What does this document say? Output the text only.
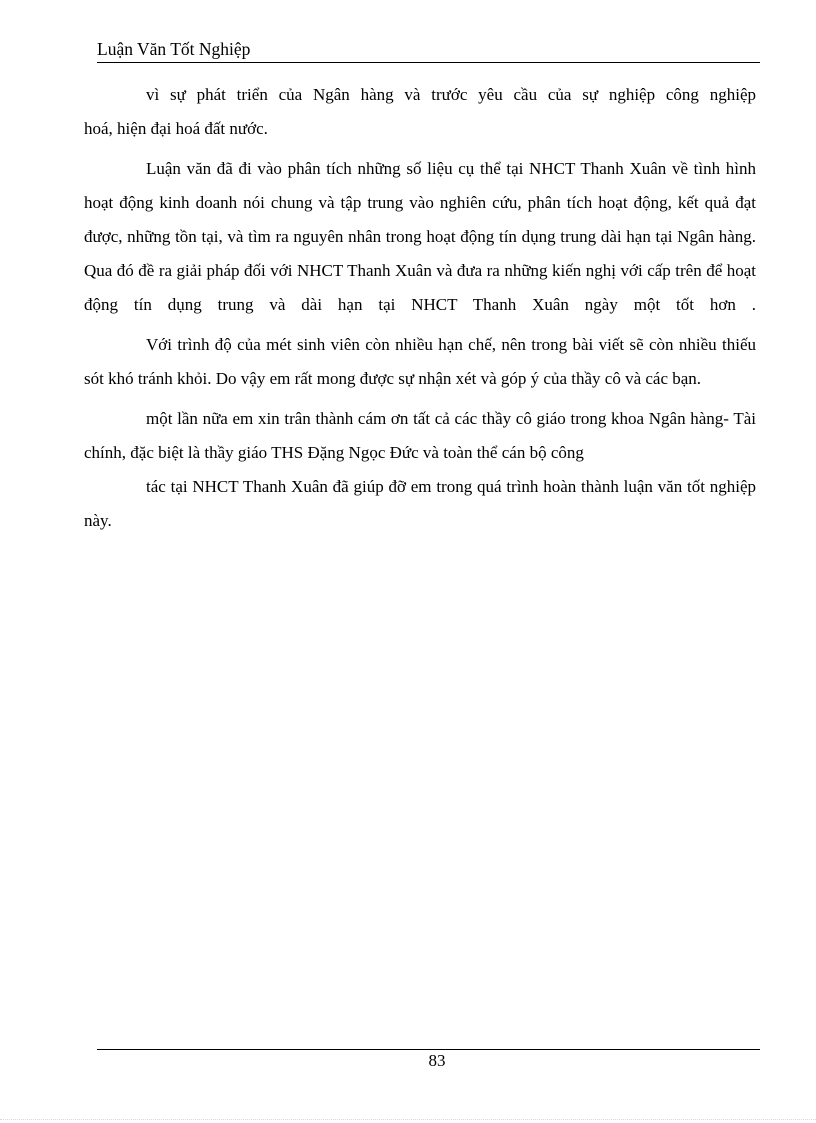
Luận Văn Tốt Nghiệp

vì sự phát triển của Ngân hàng và trước yêu cầu của sự nghiệp công nghiệp

hoá, hiện đại hoá đất nước.

Luận văn đã đi vào phân tích những số liệu cụ thể tại NHCT Thanh Xuân về tình hình hoạt động kinh doanh nói chung và tập trung vào nghiên cứu, phân tích hoạt động, kết quả đạt được, những tồn tại, và tìm ra nguyên nhân trong hoạt động tín dụng trung dài hạn tại Ngân hàng. Qua đó đề ra giải pháp đối với NHCT Thanh Xuân và đưa ra những kiến nghị với cấp trên để hoạt động tín dụng trung và dài hạn tại NHCT Thanh Xuân ngày một tốt hơn .

Với trình độ của mét sinh viên còn nhiều hạn chế, nên trong bài viết sẽ còn nhiều thiếu sót khó tránh khỏi. Do vậy em rất mong được sự nhận xét và góp ý của thầy cô và các bạn.

một lần nữa em xin trân thành cám ơn tất cả các thầy cô giáo trong khoa Ngân hàng- Tài chính, đặc biệt là thầy giáo THS Đặng Ngọc Đức và toàn thể cán bộ công

tác tại NHCT Thanh Xuân đã giúp đỡ em trong quá trình hoàn thành luận văn tốt nghiệp này.

83
